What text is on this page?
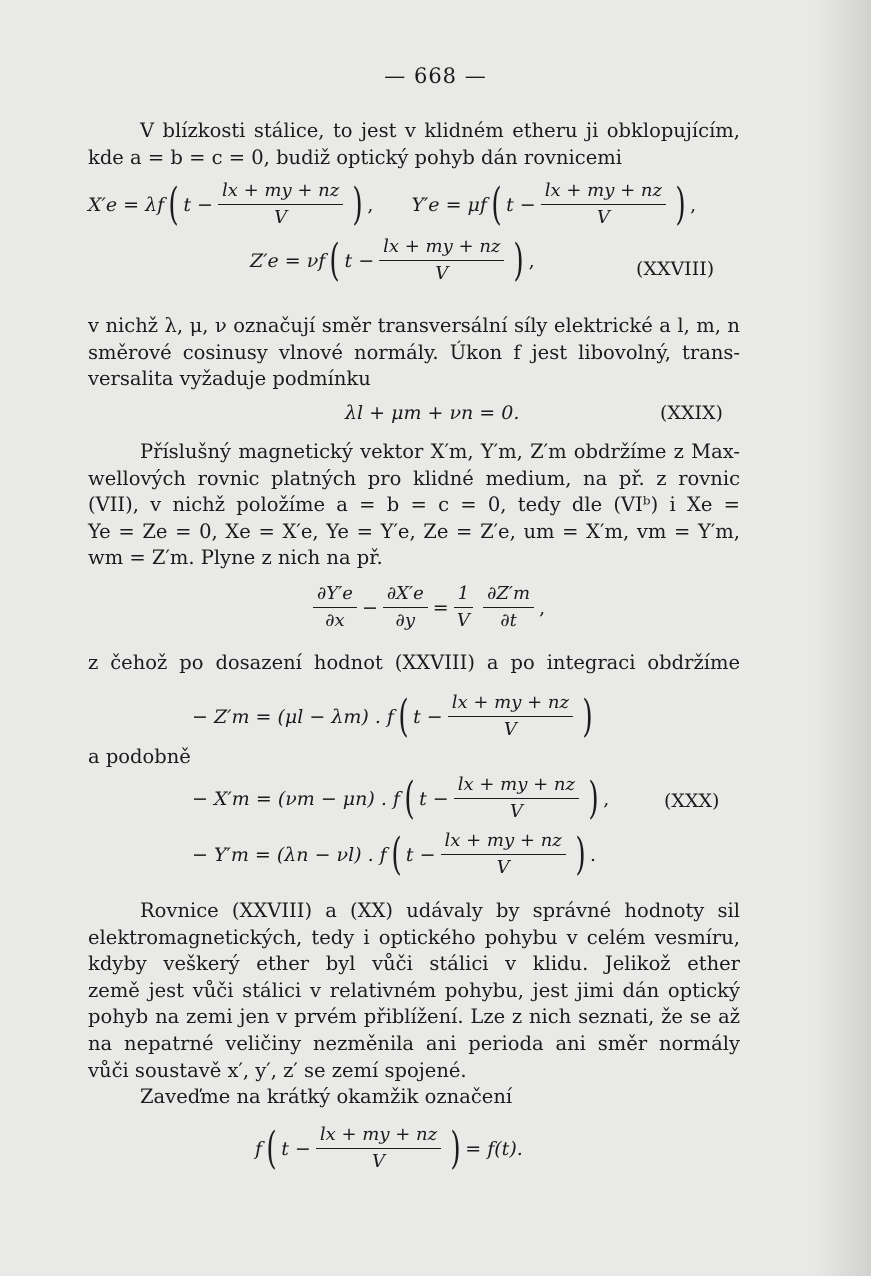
— 668 —
V blízkosti stálice, to jest v klidném etheru ji obklopujícím,
kde a = b = c = 0, budiž optický pohyb dán rovnicemi
X′e = λf ( $t - \frac{lx + my + nz}{V}$ ) , Y′e = μf ( $t - \frac{lx + my + nz}{V}$ ) ,
Z′e = νf ( $t - \frac{lx + my + nz}{V}$ ) ,	(XXVIII)
v nichž λ, μ, ν označují směr transversální síly elektrické a l, m, n
směrové cosinusy vlnové normály. Úkon f jest libovolný, trans-
versalita vyžaduje podmínku
λl + μm + νn = 0.	(XXIX)
Příslušný magnetický vektor X′m, Y′m, Z′m obdržíme z Max-
wellových rovnic platných pro klidné medium, na př. z rovnic
(VII), v nichž položíme a = b = c = 0, tedy dle (VIᵇ) i Xe =
Ye = Ze = 0, Xe = X′e, Ye = Y′e, Ze = Z′e, um = X′m, vm = Y′m,
wm = Z′m. Plyne z nich na př.
$\frac{\partial Y'e}{\partial x} - \frac{\partial X'e}{\partial y} = \frac{1}{V} \frac{\partial Z'm}{\partial t}$ ,
z čehož po dosazení hodnot (XXVIII) a po integraci obdržíme
− Z′m = (μl − λm) . f ( $t - \frac{lx + my + nz}{V}$ )
a podobně
− X′m = (νm − μn) . f ( $t - \frac{lx + my + nz}{V}$ ) ,	(XXX)
− Y′m = (λn − νl) . f ( $t - \frac{lx + my + nz}{V}$ ) .
Rovnice (XXVIII) a (XX) udávaly by správné hodnoty sil
elektromagnetických, tedy i optického pohybu v celém vesmíru,
kdyby veškerý ether byl vůči stálici v klidu. Jelikož ether
země jest vůči stálici v relativném pohybu, jest jimi dán optický
pohyb na zemi jen v prvém přiblížení. Lze z nich seznati, že se až
na nepatrné veličiny nezměnila ani perioda ani směr normály
vůči soustavě x′, y′, z′ se zemí spojené.
Zaveďme na krátký okamžik označení
f ( $t - \frac{lx + my + nz}{V}$ ) = f(t).
